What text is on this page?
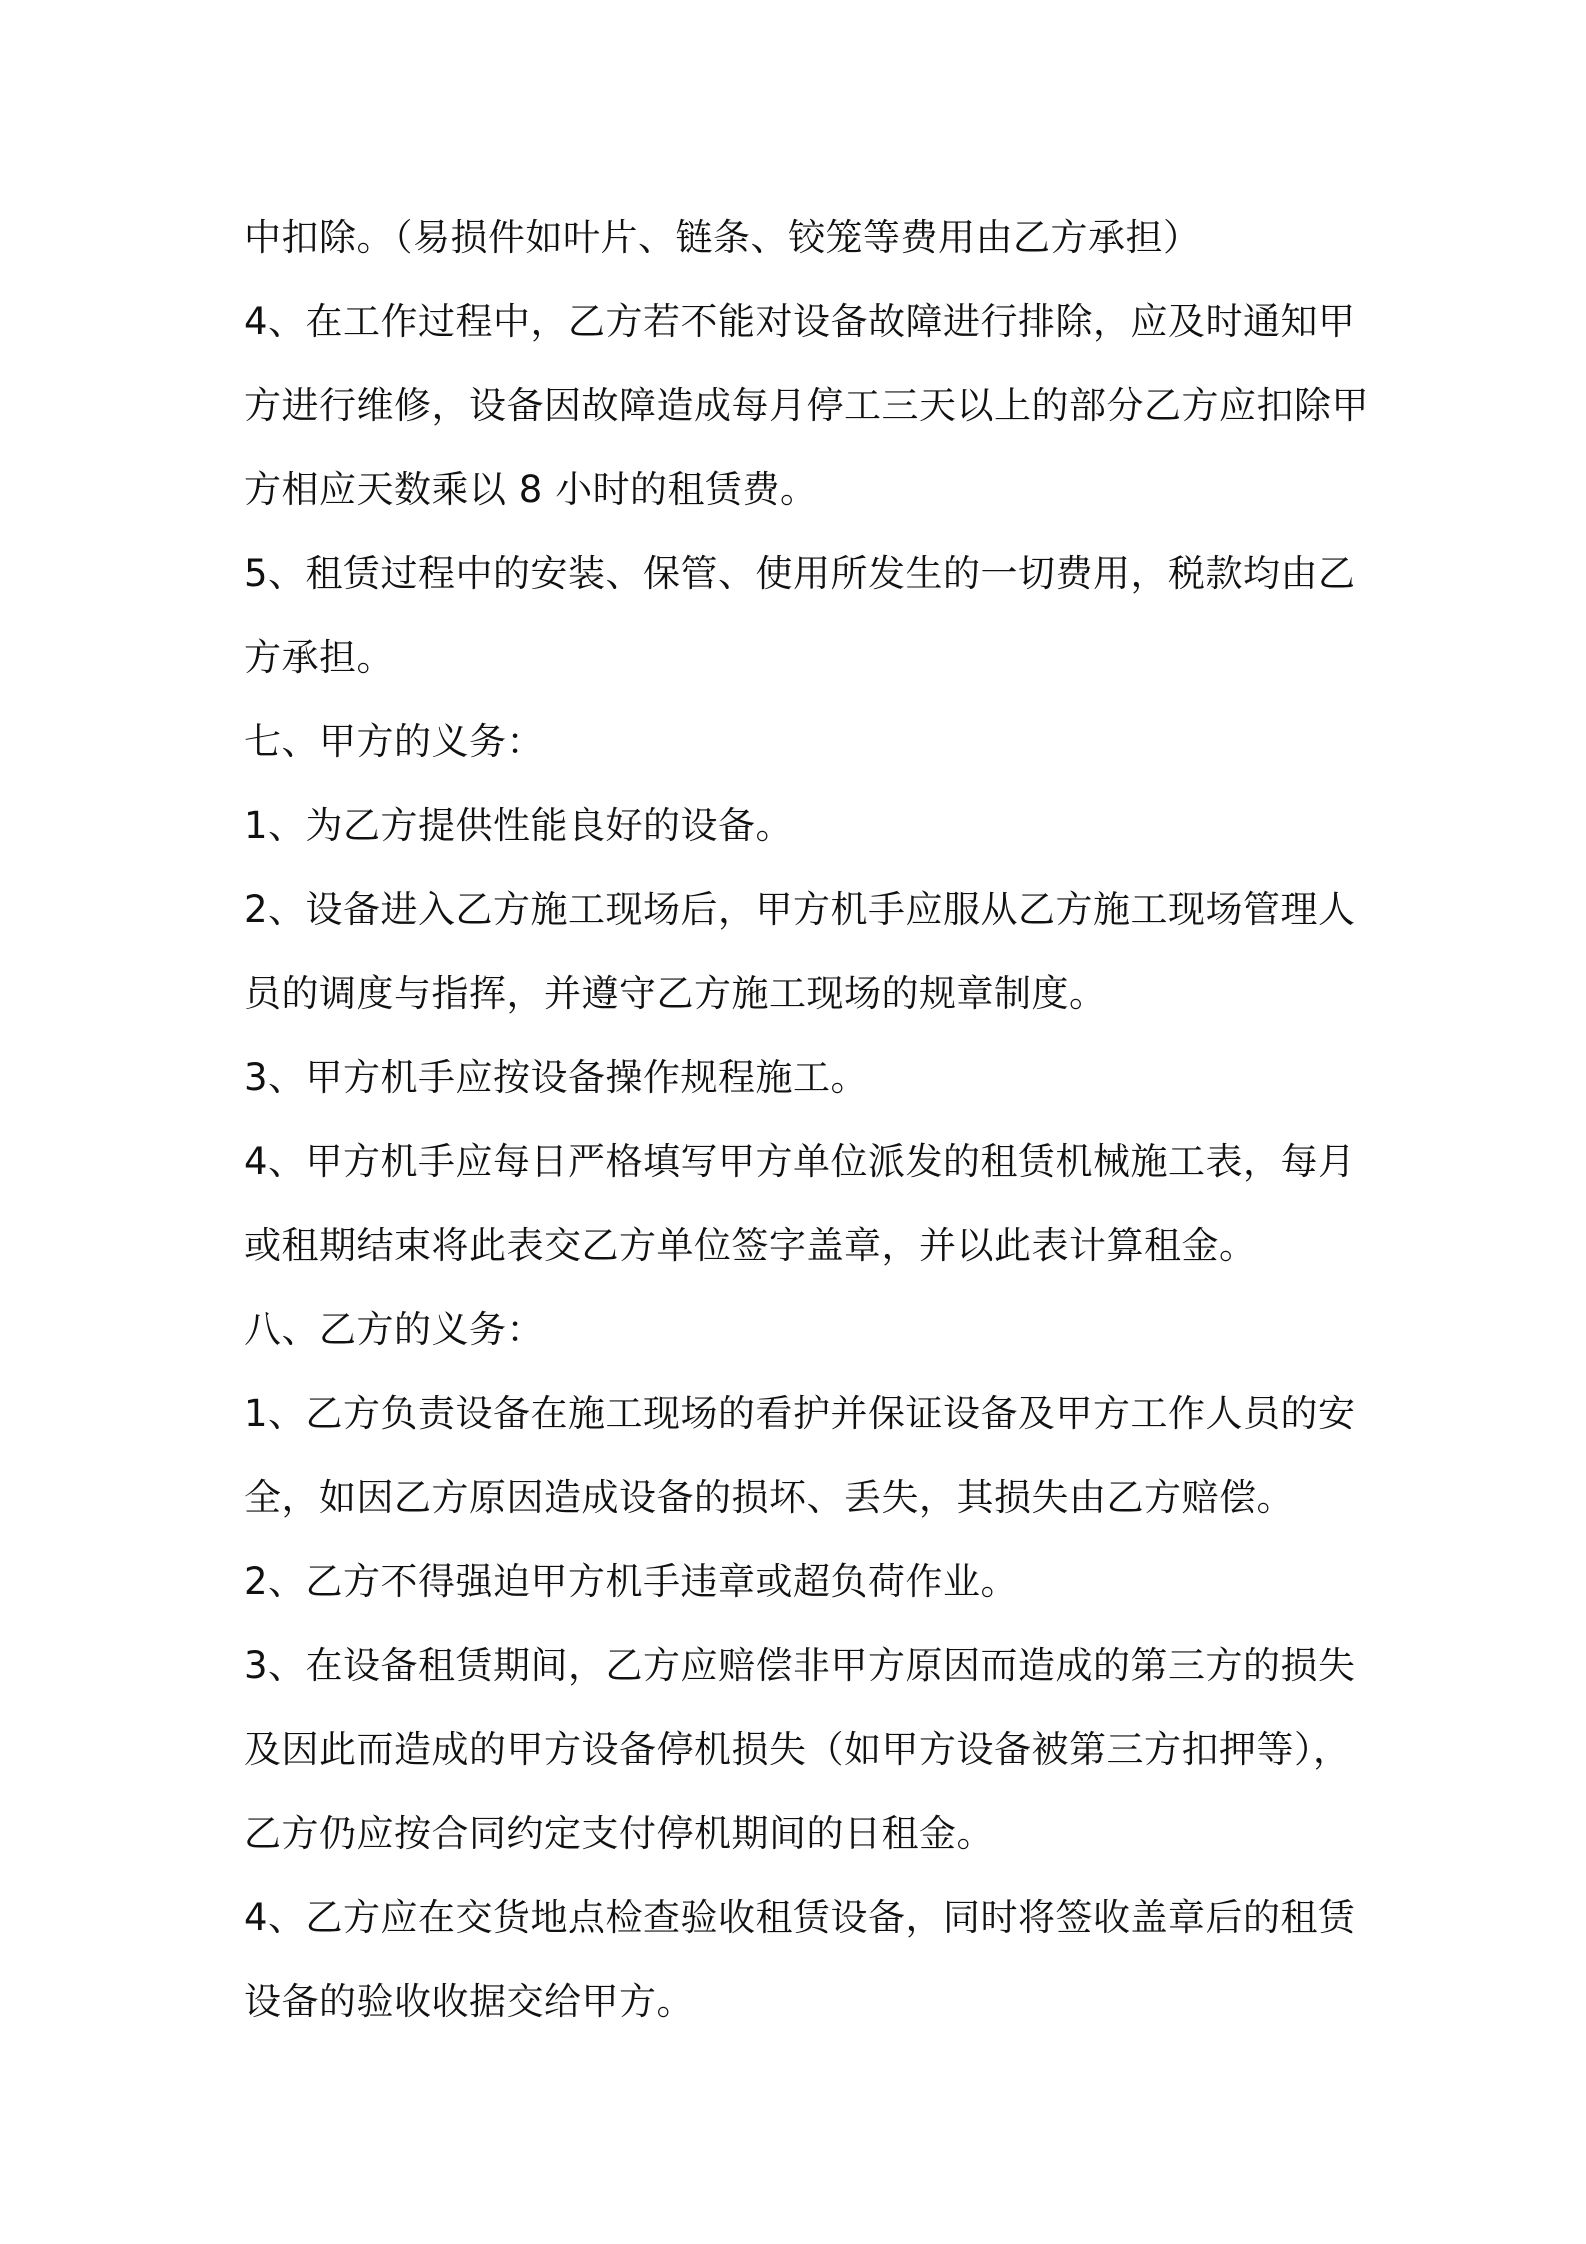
中扣除。（易损件如叶片、链条、铰笼等费用由乙方承担）
4、在工作过程中，乙方若不能对设备故障进行排除，应及时通知甲
方进行维修，设备因故障造成每月停工三天以上的部分乙方应扣除甲
方相应天数乘以 8 小时的租赁费。
5、租赁过程中的安装、保管、使用所发生的一切费用，税款均由乙
方承担。
七、甲方的义务：
1、为乙方提供性能良好的设备。
2、设备进入乙方施工现场后，甲方机手应服从乙方施工现场管理人
员的调度与指挥，并遵守乙方施工现场的规章制度。
3、甲方机手应按设备操作规程施工。
4、甲方机手应每日严格填写甲方单位派发的租赁机械施工表，每月
或租期结束将此表交乙方单位签字盖章，并以此表计算租金。
八、乙方的义务：
1、乙方负责设备在施工现场的看护并保证设备及甲方工作人员的安
全，如因乙方原因造成设备的损坏、丢失，其损失由乙方赔偿。
2、乙方不得强迫甲方机手违章或超负荷作业。
3、在设备租赁期间，乙方应赔偿非甲方原因而造成的第三方的损失
及因此而造成的甲方设备停机损失（如甲方设备被第三方扣押等），
乙方仍应按合同约定支付停机期间的日租金。
4、乙方应在交货地点检查验收租赁设备，同时将签收盖章后的租赁
设备的验收收据交给甲方。
